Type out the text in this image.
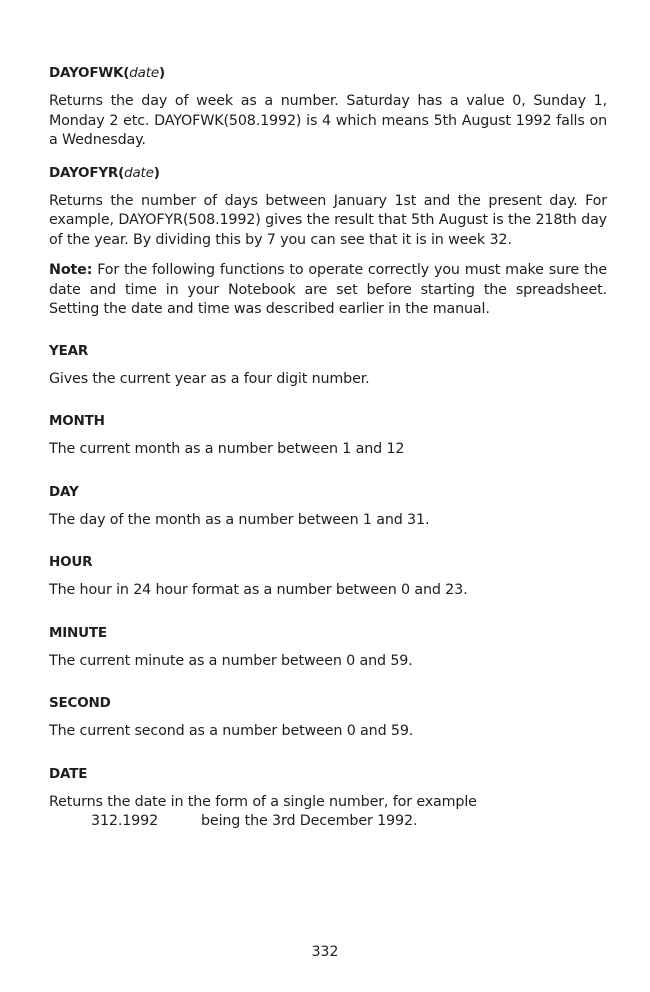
DAYOFWK(date)

Returns the day of week as a number. Saturday has a value 0, Sunday 1, Monday 2 etc. DAYOFWK(508.1992) is 4 which means 5th August 1992 falls on a Wednesday.

DAYOFYR(date)

Returns the number of days between January 1st and the present day. For example, DAYOFYR(508.1992) gives the result that 5th August is the 218th day of the year. By dividing this by 7 you can see that it is in week 32.

Note: For the following functions to operate correctly you must make sure the date and time in your Notebook are set before starting the spreadsheet. Setting the date and time was described earlier in the manual.

YEAR

Gives the current year as a four digit number.

MONTH

The current month as a number between 1 and 12

DAY

The day of the month as a number between 1 and 31.

HOUR

The hour in 24 hour format as a number between 0 and 23.

MINUTE

The current minute as a number between 0 and 59.

SECOND

The current second as a number between 0 and 59.

DATE

Returns the date in the form of a single number, for example

312.1992	being the 3rd December 1992.
332
